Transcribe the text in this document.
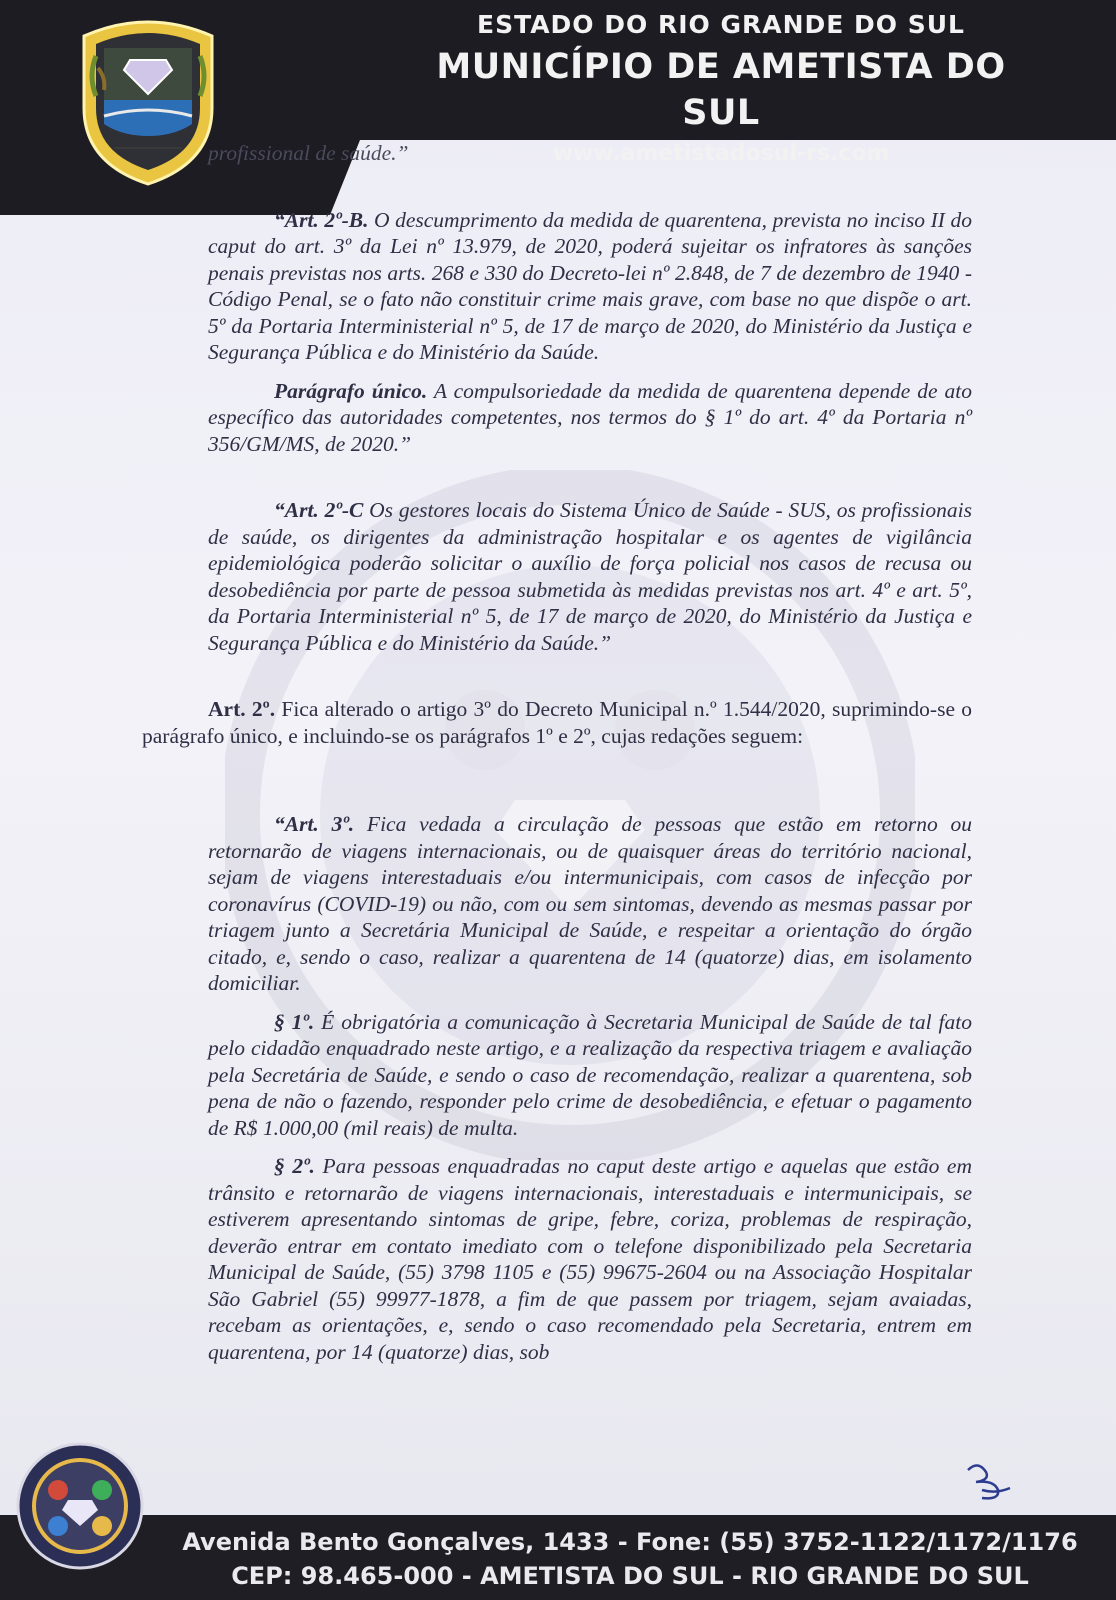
ESTADO DO RIO GRANDE DO SUL
MUNICÍPIO DE AMETISTA DO SUL
www.ametistadosul-rs.com

profissional de saúde.”

“Art. 2º-B. O descumprimento da medida de quarentena, prevista no inciso II do caput do art. 3º da Lei nº 13.979, de 2020, poderá sujeitar os infratores às sanções penais previstas nos arts. 268 e 330 do Decreto-lei nº 2.848, de 7 de dezembro de 1940 - Código Penal, se o fato não constituir crime mais grave, com base no que dispõe o art. 5º da Portaria Interministerial nº 5, de 17 de março de 2020, do Ministério da Justiça e Segurança Pública e do Ministério da Saúde.

Parágrafo único. A compulsoriedade da medida de quarentena depende de ato específico das autoridades competentes, nos termos do § 1º do art. 4º da Portaria nº 356/GM/MS, de 2020.”

“Art. 2º-C Os gestores locais do Sistema Único de Saúde - SUS, os profissionais de saúde, os dirigentes da administração hospitalar e os agentes de vigilância epidemiológica poderão solicitar o auxílio de força policial nos casos de recusa ou desobediência por parte de pessoa submetida às medidas previstas nos art. 4º e art. 5º, da Portaria Interministerial nº 5, de 17 de março de 2020, do Ministério da Justiça e Segurança Pública e do Ministério da Saúde.”

Art. 2º. Fica alterado o artigo 3º do Decreto Municipal n.º 1.544/2020, suprimindo-se o parágrafo único, e incluindo-se os parágrafos 1º e 2º, cujas redações seguem:

“Art. 3º. Fica vedada a circulação de pessoas que estão em retorno ou retornarão de viagens internacionais, ou de quaisquer áreas do território nacional, sejam de viagens interestaduais e/ou intermunicipais, com casos de infecção por coronavírus (COVID-19) ou não, com ou sem sintomas, devendo as mesmas passar por triagem junto a Secretária Municipal de Saúde, e respeitar a orientação do órgão citado, e, sendo o caso, realizar a quarentena de 14 (quatorze) dias, em isolamento domiciliar.

§ 1º. É obrigatória a comunicação à Secretaria Municipal de Saúde de tal fato pelo cidadão enquadrado neste artigo, e a realização da respectiva triagem e avaliação pela Secretária de Saúde, e sendo o caso de recomendação, realizar a quarentena, sob pena de não o fazendo, responder pelo crime de desobediência, e efetuar o pagamento de R$ 1.000,00 (mil reais) de multa.

§ 2º. Para pessoas enquadradas no caput deste artigo e aquelas que estão em trânsito e retornarão de viagens internacionais, interestaduais e intermunicipais, se estiverem apresentando sintomas de gripe, febre, coriza, problemas de respiração, deverão entrar em contato imediato com o telefone disponibilizado pela Secretaria Municipal de Saúde, (55) 3798 1105 e (55) 99675-2604 ou na Associação Hospitalar São Gabriel (55) 99977-1878, a fim de que passem por triagem, sejam avaiadas, recebam as orientações, e, sendo o caso recomendado pela Secretaria, entrem em quarentena, por 14 (quatorze) dias, sob

Avenida Bento Gonçalves, 1433 - Fone: (55) 3752-1122/1172/1176
CEP: 98.465-000 - AMETISTA DO SUL - RIO GRANDE DO SUL
